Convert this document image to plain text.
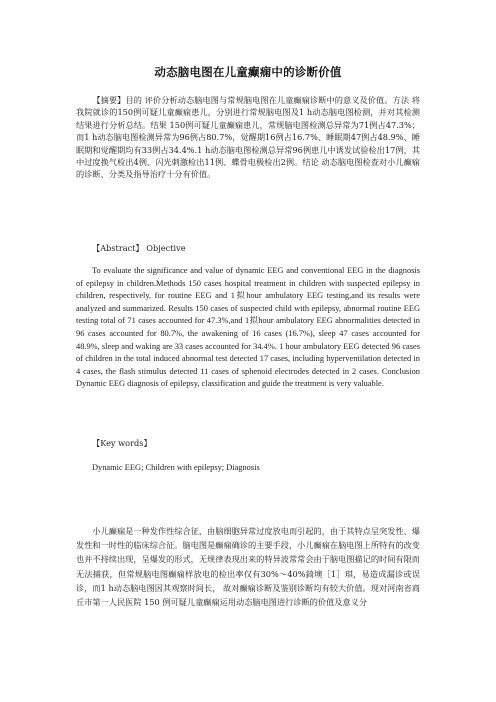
动态脑电图在儿童癫痫中的诊断价值
【摘要】目的 评价分析动态脑电图与常规脑电图在儿童癫痫诊断中的意义及价值。方法 将我院就诊的150例可疑儿童癫痫患儿，分别进行常规脑电图及1 h动态脑电图检测，并对其检测结果进行分析总结。结果 150例可疑儿童癫痫患儿，常规脑电图检测总异常为71例占47.3%；而1 h动态脑电图检测异常为96例占80.7%，觉醒期16例占16.7%、睡眠期47例占48.9%、睡眠期和觉醒期均有33例占34.4%.1 h动态脑电图检测总异常96例患儿中诱发试验检出17例，其中过度换气检出4例、闪光刺激检出11例、蝶骨电极检出2例。结论 动态脑电图检查对小儿癫痫的诊断、分类及指导治疗十分有价值。
【Abstract】 Objective
To evaluate the significance and value of dynamic EEG and conventional EEG in the diagnosis of epilepsy in children.Methods 150 cases hospital treatment in children with suspected epilepsy in children, respectively, for routine EEG and 1拟hour ambulatory EEG testing,and its results were analyzed and summarized. Results 150 cases of suspected child with epilepsy, abnormal routine EEG testing total of 71 cases accounted for 47.3%,and 1拟hour ambulatory EEG abnormalities detected in 96 cases accounted for 80.7%, the awakening of 16 cases (16.7%), sleep 47 cases accounted for 48.9%, sleep and waking are 33 cases accounted for 34.4%. 1 hour ambulatory EEG detected 96 cases of children in the total induced abnormal test detected 17 cases, including hyperventilation detected in 4 cases, the flash stimulus detected 11 cases of sphenoid electrodes detected in 2 cases. Conclusion Dynamic EEG diagnosis of epilepsy, classification and guide the treatment is very valuable.
【Key words】
Dynamic EEG; Children with epilepsy; Diagnosis
小儿癫痫是一种发作性综合征，由脑细胞异常过度放电而引起的，由于其特点呈突发性、爆发性和一时性的临床综合征。脑电图是癫痫确诊的主要手段，小儿癫痫在脑电图上所特有的改变也并不持续出现，呈爆发的形式，无规律表现出来的特异波常常会由于脑电图描记的时间有限而无法捕获，但常规脑电图癫痫样放电的检出率仅有30%～40%錡墺［1］琪，易造成漏诊或误诊，而1 h动态脑电图因其观察时间长， 故对癫痫诊断及鉴别诊断均有较大价值。现对河南省商丘市第一人民医院 150 例可疑儿童癫痫运用动态脑电图进行诊断的价值及意义分
